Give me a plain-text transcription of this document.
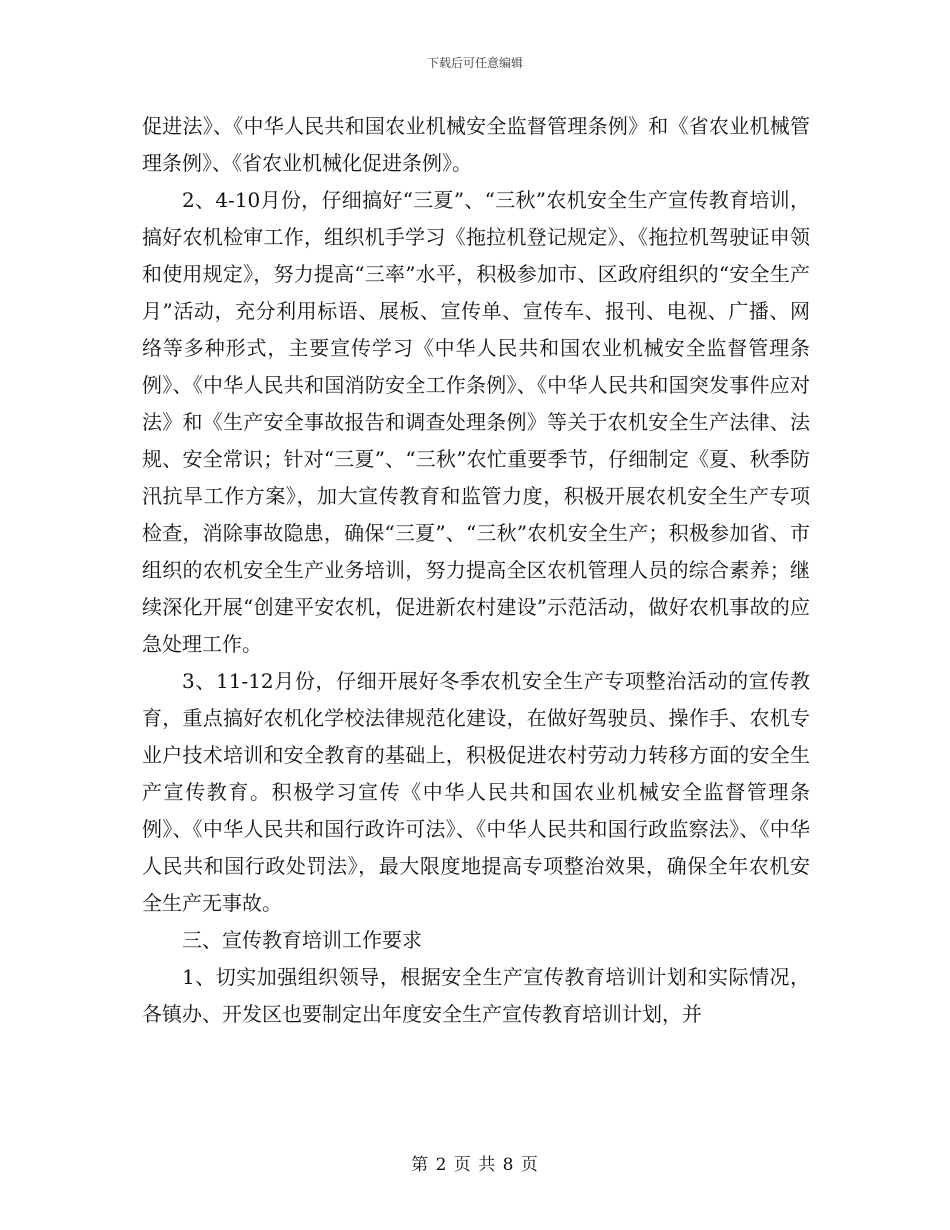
下载后可任意编辑

促进法》、《中华人民共和国农业机械安全监督管理条例》和《省农业机械管理条例》、《省农业机械化促进条例》。

2、4-10月份，仔细搞好“三夏”、“三秋”农机安全生产宣传教育培训，搞好农机检审工作，组织机手学习《拖拉机登记规定》、《拖拉机驾驶证申领和使用规定》，努力提高“三率”水平，积极参加市、区政府组织的“安全生产月”活动，充分利用标语、展板、宣传单、宣传车、报刊、电视、广播、网络等多种形式，主要宣传学习《中华人民共和国农业机械安全监督管理条例》、《中华人民共和国消防安全工作条例》、《中华人民共和国突发事件应对法》和《生产安全事故报告和调查处理条例》等关于农机安全生产法律、法规、安全常识；针对“三夏”、“三秋”农忙重要季节，仔细制定《夏、秋季防汛抗旱工作方案》，加大宣传教育和监管力度，积极开展农机安全生产专项检查，消除事故隐患，确保“三夏”、“三秋”农机安全生产；积极参加省、市组织的农机安全生产业务培训，努力提高全区农机管理人员的综合素养；继续深化开展“创建平安农机，促进新农村建设”示范活动，做好农机事故的应急处理工作。

3、11-12月份，仔细开展好冬季农机安全生产专项整治活动的宣传教育，重点搞好农机化学校法律规范化建设，在做好驾驶员、操作手、农机专业户技术培训和安全教育的基础上，积极促进农村劳动力转移方面的安全生产宣传教育。积极学习宣传《中华人民共和国农业机械安全监督管理条例》、《中华人民共和国行政许可法》、《中华人民共和国行政监察法》、《中华人民共和国行政处罚法》，最大限度地提高专项整治效果，确保全年农机安全生产无事故。

三、宣传教育培训工作要求

1、切实加强组织领导，根据安全生产宣传教育培训计划和实际情况，各镇办、开发区也要制定出年度安全生产宣传教育培训计划，并

第 2 页 共 8 页
